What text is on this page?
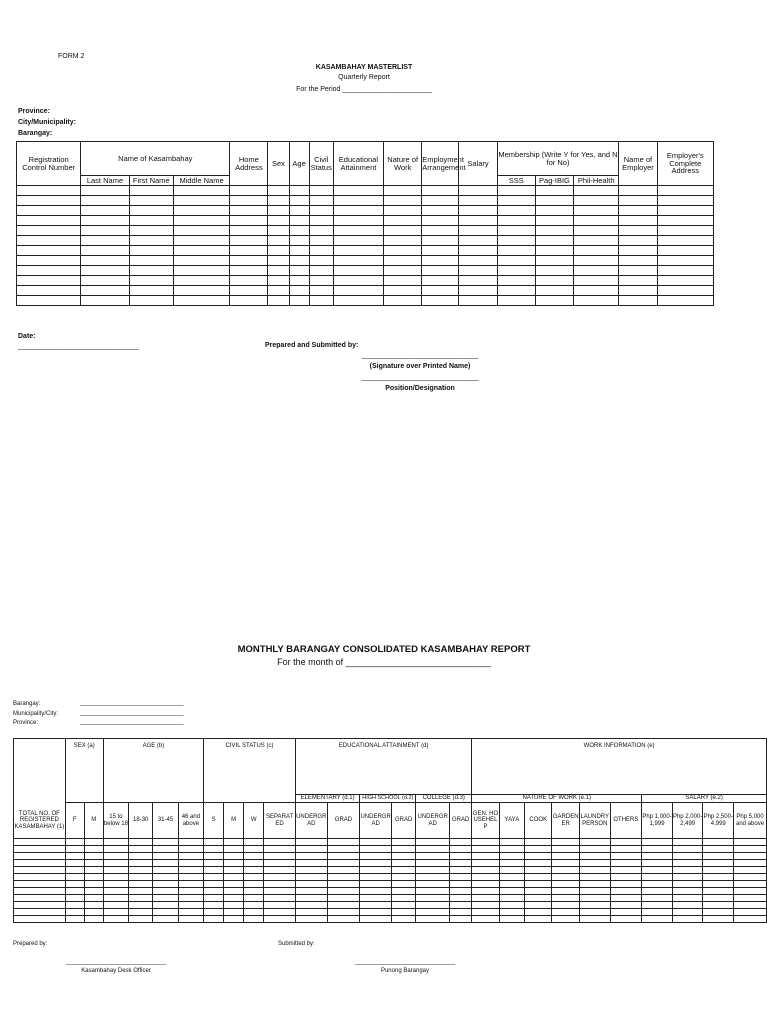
FORM 2
KASAMBAHAY MASTERLIST
Quarterly Report
For the Period _______________________
Province:
City/Municipality:
Barangay:
Registration Control Number	Name of Kasambahay			Home Address	Sex	Age	Civil Status	Educational Attainment	Nature of Work	Employment Arrangement	Salary	Membership (Write Y for Yes, and N for No)			Name of Employer	Employer's Complete Address
	Last Name	First Name	Middle Name									SSS	Pag-IBIG	Phil-Health		

Date:
_______________________________	Prepared and Submitted by:
______________________________
(Signature over Printed Name)
______________________________
Position/Designation
MONTHLY BARANGAY CONSOLIDATED KASAMBAHAY REPORT
For the month of _____________________________
Barangay:
Municipality/City:
Province:
_______________________________
_______________________________
_______________________________
TOTAL NO. OF REGISTERED KASAMBAHAY (1)	SEX (a)		AGE (b)				CIVIL STATUS (c)				EDUCATIONAL ATTAINMENT (d)						WORK INFORMATION (e)									
											ELEMENTARY (d.1)		HIGH SCHOOL (d.2)		COLLEGE (d.3)		NATURE OF WORK (e.1)						SALARY (e.2)			
	F	M	15 to below 18	18-30	31-45	46 and above	S	M	W	SEPARATED	UNDERGRAD	GRAD	UNDERGRAD	GRAD	UNDERGRAD	GRAD	GEN. HOUSEHELP	YAYA	COOK	GARDENER	LAUNDRY PERSON	OTHERS	Php 1,000-1,999	Php 2,000-2,499	Php 2,500-4,999	Php 5,000 and above

Prepared by:	Submitted by:
______________________________
Kasambahay Desk Officer
______________________________
Punong Barangay
